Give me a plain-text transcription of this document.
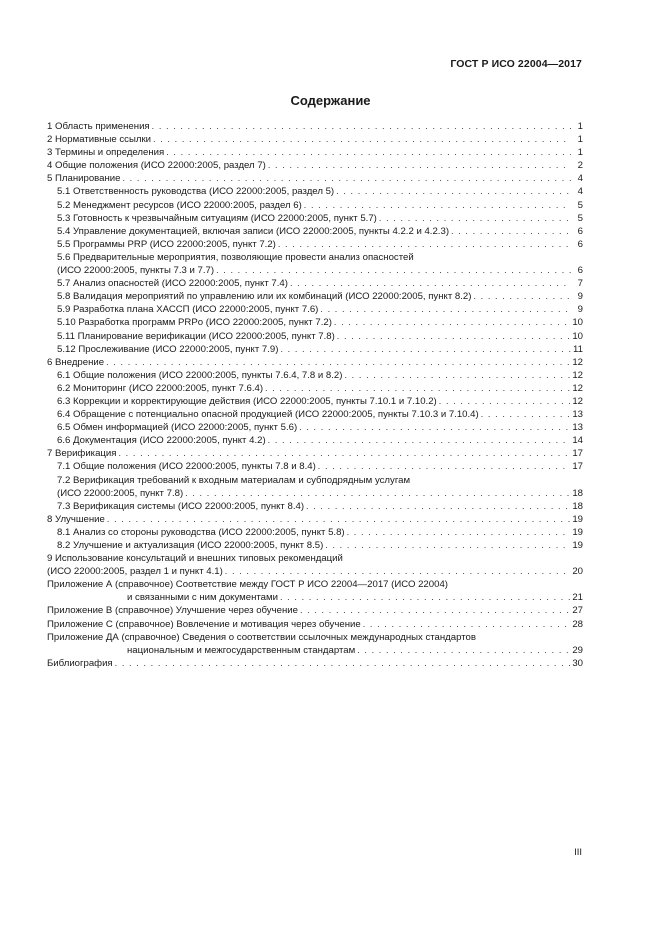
ГОСТ Р ИСО 22004—2017
Содержание
1 Область применения . . .	1
2 Нормативные ссылки . . .	1
3 Термины и определения . . .	1
4 Общие положения (ИСО 22000:2005, раздел 7) . . .	2
5 Планирование . . .	4
5.1 Ответственность руководства (ИСО 22000:2005, раздел 5) . . .	4
5.2 Менеджмент ресурсов (ИСО 22000:2005, раздел 6) . . .	5
5.3 Готовность к чрезвычайным ситуациям (ИСО 22000:2005, пункт 5.7) . . .	5
5.4 Управление документацией, включая записи (ИСО 22000:2005, пункты 4.2.2 и 4.2.3) . . .	6
5.5 Программы PRP (ИСО 22000:2005, пункт 7.2) . . .	6
5.6 Предварительные мероприятия, позволяющие провести анализ опасностей
(ИСО 22000:2005, пункты 7.3 и 7.7) . . .	6
5.7 Анализ опасностей (ИСО 22000:2005, пункт 7.4) . . .	7
5.8 Валидация мероприятий по управлению или их комбинаций (ИСО 22000:2005, пункт 8.2) . . .	9
5.9 Разработка плана ХАССП (ИСО 22000:2005, пункт 7.6) . . .	9
5.10 Разработка программ PRPо (ИСО 22000:2005, пункт 7.2) . . .	10
5.11 Планирование верификации (ИСО 22000:2005, пункт 7.8) . . .	10
5.12 Прослеживание (ИСО 22000:2005, пункт 7.9) . . .	11
6 Внедрение . . .	12
6.1 Общие положения (ИСО 22000:2005, пункты 7.6.4, 7.8 и 8.2) . . .	12
6.2 Мониторинг (ИСО 22000:2005, пункт 7.6.4) . . .	12
6.3 Коррекции и корректирующие действия (ИСО 22000:2005, пункты 7.10.1 и 7.10.2) . . .	12
6.4 Обращение с потенциально опасной продукцией (ИСО 22000:2005, пункты 7.10.3 и 7.10.4) . . .	13
6.5 Обмен информацией (ИСО 22000:2005, пункт 5.6) . . .	13
6.6 Документация (ИСО 22000:2005, пункт 4.2) . . .	14
7 Верификация . . .	17
7.1 Общие положения (ИСО 22000:2005, пункты 7.8 и 8.4) . . .	17
7.2 Верификация требований к входным материалам и субподрядным услугам
(ИСО 22000:2005, пункт 7.8) . . .	18
7.3 Верификация системы (ИСО 22000:2005, пункт 8.4) . . .	18
8 Улучшение . . .	19
8.1 Анализ со стороны руководства (ИСО 22000:2005, пункт 5.8) . . .	19
8.2 Улучшение и актуализация (ИСО 22000:2005, пункт 8.5) . . .	19
9 Использование консультаций и внешних типовых рекомендаций
(ИСО 22000:2005, раздел 1 и пункт 4.1) . . .	20
Приложение А (справочное) Соответствие между ГОСТ Р ИСО 22004—2017 (ИСО 22004)
и связанными с ним документами . . .	21
Приложение В (справочное) Улучшение через обучение . . .	27
Приложение С (справочное) Вовлечение и мотивация через обучение . . .	28
Приложение ДА (справочное) Сведения о соответствии ссылочных международных стандартов
национальным и межгосударственным стандартам . . .	29
Библиография . . .	30
III
